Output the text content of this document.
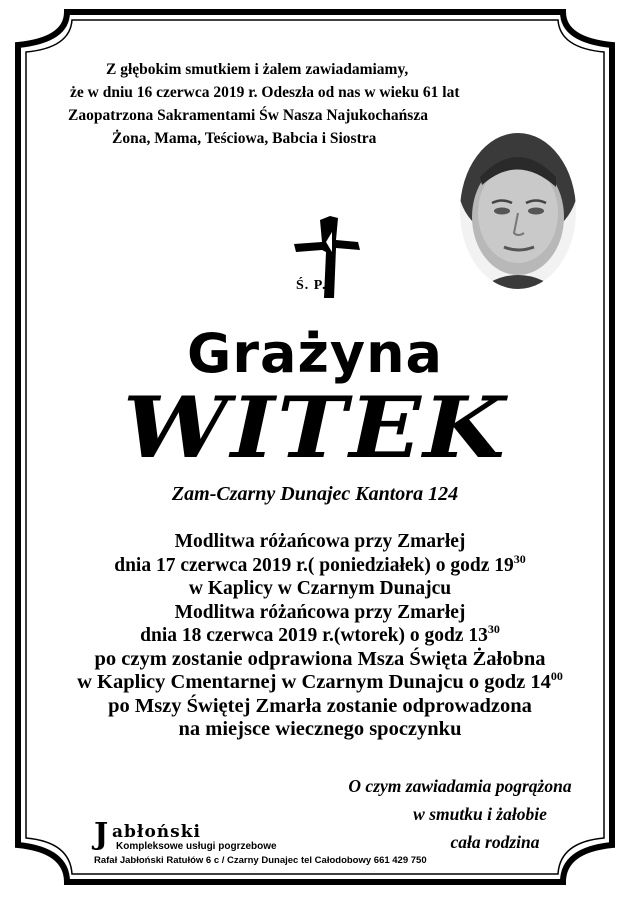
Z głębokim smutkiem i żalem zawiadamiamy,
że w dniu 16 czerwca 2019 r. Odeszła od nas w wieku 61 lat
Zaopatrzona Sakramentami Św Nasza Najukochańsza
Żona, Mama, Teściowa, Babcia i Siostra
Ś. P.
Grażyna
WITEK
Zam-Czarny Dunajec Kantora 124
Modlitwa różańcowa przy Zmarłej
dnia 17 czerwca 2019 r.( poniedziałek) o godz $19^{30}$
w Kaplicy w Czarnym Dunajcu
Modlitwa różańcowa przy Zmarłej
dnia 18 czerwca 2019 r.(wtorek) o godz $13^{30}$
po czym zostanie odprawiona Msza Święta Żałobna
w Kaplicy Cmentarnej w Czarnym Dunajcu o godz $14^{00}$
po Mszy Świętej Zmarła zostanie odprowadzona
na miejsce wiecznego spoczynku
O czym zawiadamia pogrążona
w smutku i żałobie
cała rodzina
J abłoński
Kompleksowe usługi pogrzebowe
Rafał Jabłoński Ratułów 6 c / Czarny Dunajec tel Całodobowy 661 429 750
